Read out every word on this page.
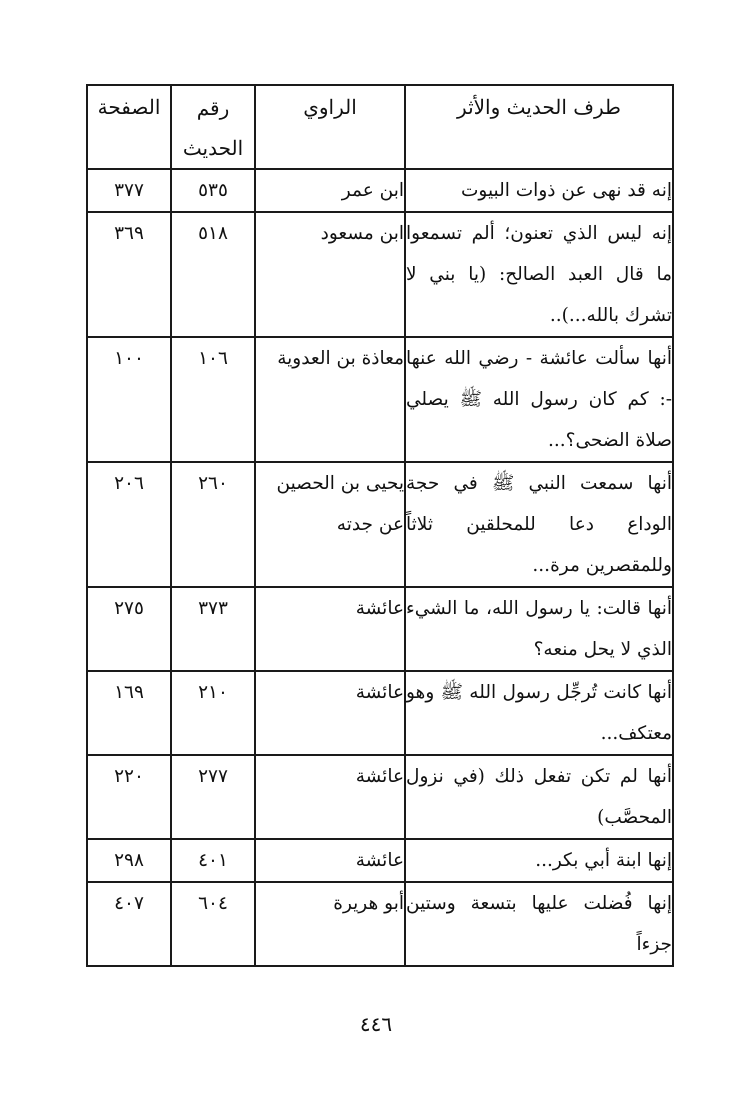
طرف الحديث والأثر	الراوي	رقم الحديث	الصفحة
إنه قد نهى عن ذوات البيوت	ابن عمر	٥٣٥	٣٧٧
إنه ليس الذي تعنون؛ ألم تسمعوا ما قال العبد الصالح: (يا بني لا تشرك بالله...)..	ابن مسعود	٥١٨	٣٦٩
أنها سألت عائشة - رضي الله عنها -: كم كان رسول الله ﷺ يصلي صلاة الضحى؟...	معاذة بن العدوية	١٠٦	١٠٠
أنها سمعت النبي ﷺ في حجة الوداع دعا للمحلقين ثلاثاً وللمقصرين مرة...	يحيى بن الحصين عن جدته	٢٦٠	٢٠٦
أنها قالت: يا رسول الله، ما الشيء الذي لا يحل منعه؟	عائشة	٣٧٣	٢٧٥
أنها كانت تُرجِّل رسول الله ﷺ وهو معتكف...	عائشة	٢١٠	١٦٩
أنها لم تكن تفعل ذلك (في نزول المحصَّب)	عائشة	٢٧٧	٢٢٠
إنها ابنة أبي بكر...	عائشة	٤٠١	٢٩٨
إنها فُضلت عليها بتسعة وستين جزءاً	أبو هريرة	٦٠٤	٤٠٧
٤٤٦
